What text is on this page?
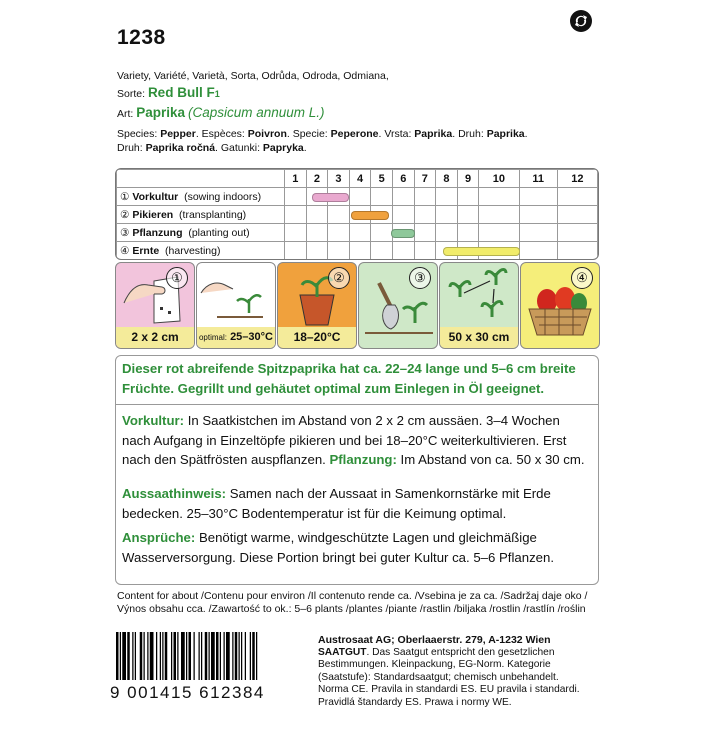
1238
Variety, Variété, Varietà, Sorta, Odrůda, Odroda, Odmiana,
Sorte: Red Bull F1
Art: Paprika (Capsicum annuum L.)
Species: Pepper. Espèces: Poivron. Specie: Peperone. Vrsta: Paprika. Druh: Paprika.
Druh: Paprika ročná. Gatunki: Papryka.
	1	2	3	4	5	6	7	8	9	10	11	12
① Vorkultur  (sowing indoors)												
② Pikieren  (transplanting)												
③ Pflanzung  (planting out)												
④ Ernte  (harvesting)												
①
2 x 2 cm	optimal: 25–30°C
②
18–20°C
③
50 x 30 cm
④
Dieser rot abreifende Spitzpaprika hat ca. 22–24 lange und 5–6 cm breite Früchte. Gegrillt und gehäutet optimal zum Einlegen in Öl geeignet.
Vorkultur: In Saatkistchen im Abstand von 2 x 2 cm aussäen. 3–4 Wochen nach Aufgang in Einzeltöpfe pikieren und bei 18–20°C weiterkultivieren. Erst nach den Spätfrösten auspflanzen. Pflanzung: Im Abstand von ca. 50 x 30 cm.
Aussaathinweis: Samen nach der Aussaat in Samenkornstärke mit Erde bedecken. 25–30°C Bodentemperatur ist für die Keimung optimal.
Ansprüche: Benötigt warme, windgeschützte Lagen und gleichmäßige Wasserversorgung. Diese Portion bringt bei guter Kultur ca. 5–6 Pflanzen.
Content for about /Contenu pour environ /Il contenuto rende ca. /Vsebina je za ca. /Sadržaj daje oko /
Výnos obsahu cca. /Zawartość to ok.: 5–6 plants /plantes /piante /rastlin /biljaka /rostlin /rastlín /roślin
9 001415 612384
Austrosaat AG; Oberlaaerstr. 279, A-1232 Wien
SAATGUT. Das Saatgut entspricht den gesetzlichen Bestimmungen. Kleinpackung, EG-Norm. Kategorie (Saatstufe): Standardsaatgut; chemisch unbehandelt. Norma CE. Pravila in standardi ES. EU pravila i standardi. Pravidlá štandardy ES. Prawa i normy WE.
